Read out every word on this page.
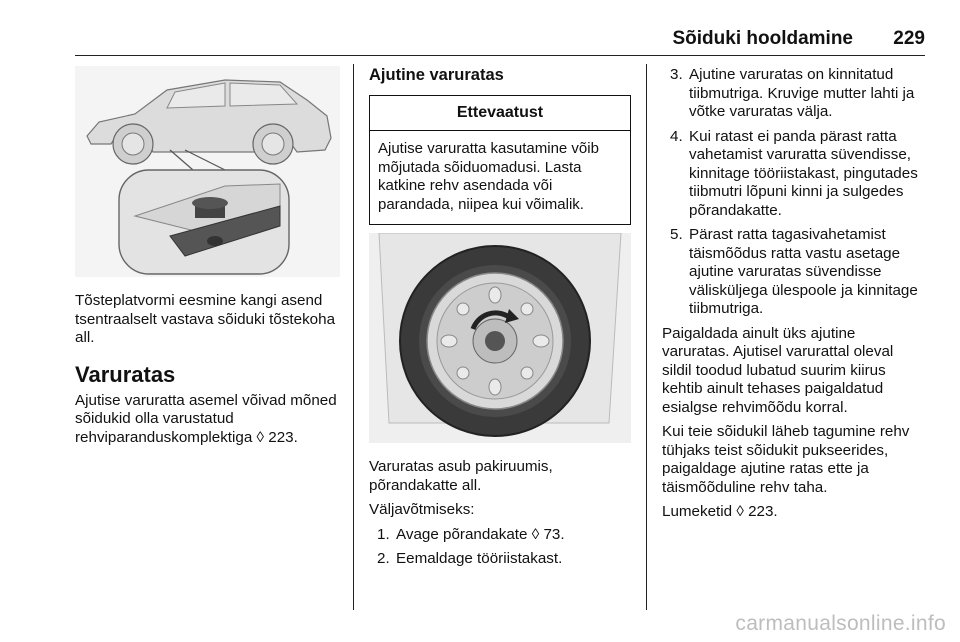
Sõiduki hooldamine 229

Tõsteplatvormi eesmine kangi asend tsentraalselt vastava sõiduki tõstekoha all.

Varuratas

Ajutise varuratta asemel võivad mõned sõidukid olla varustatud rehviparanduskomplektiga ◊ 223.

Ajutine varuratas
Ettevaatust
Ajutise varuratta kasutamine võib mõjutada sõiduomadusi. Lasta katkine rehv asendada või parandada, niipea kui võimalik.

Varuratas asub pakiruumis, põrandakatte all.

Väljavõtmiseks:

1. Avage põrandakate ◊ 73.
2. Eemaldage tööriistakast.
3. Ajutine varuratas on kinnitatud tiibmutriga. Kruvige mutter lahti ja võtke varuratas välja.
4. Kui ratast ei panda pärast ratta vahetamist varuratta süvendisse, kinnitage tööriistakast, pingutades tiibmutri lõpuni kinni ja sulgedes põrandakatte.
5. Pärast ratta tagasivahetamist täismõõdus ratta vastu asetage ajutine varuratas süvendisse välisküljega ülespoole ja kinnitage tiibmutriga.

Paigaldada ainult üks ajutine varuratas. Ajutisel varurattal oleval sildil toodud lubatud suurim kiirus kehtib ainult tehases paigaldatud esialgse rehvimõõdu korral.

Kui teie sõidukil läheb tagumine rehv tühjaks teist sõidukit pukseerides, paigaldage ajutine ratas ette ja täismõõduline rehv taha.

Lumeketid ◊ 223.

carmanualsonline.info
